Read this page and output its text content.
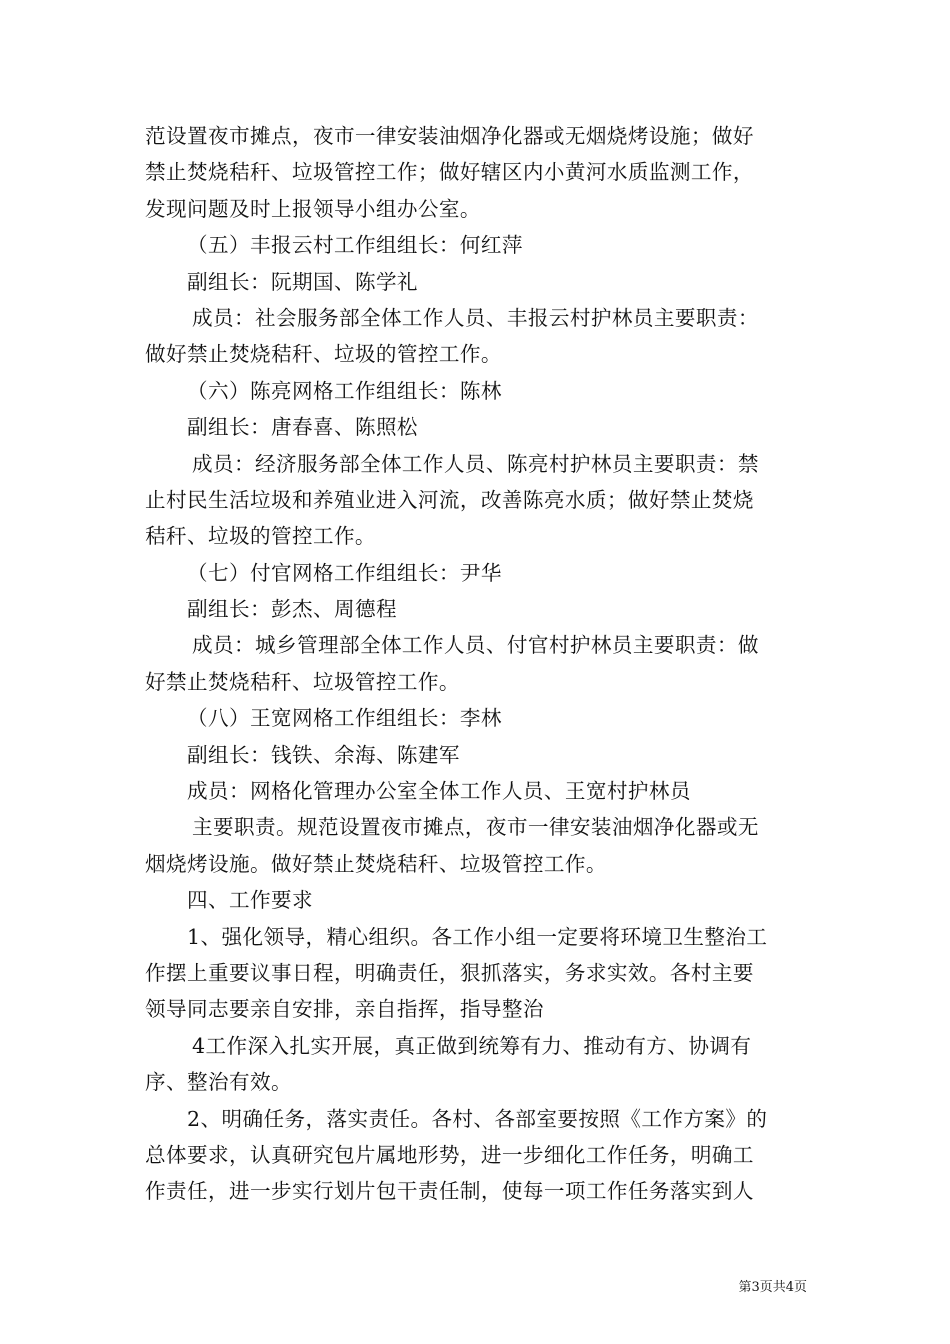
范设置夜市摊点，夜市一律安装油烟净化器或无烟烧烤设施；做好
禁止焚烧秸秆、垃圾管控工作；做好辖区内小黄河水质监测工作，
发现问题及时上报领导小组办公室。
（五）丰报云村工作组组长：何红萍
副组长：阮期国、陈学礼
成员：社会服务部全体工作人员、丰报云村护林员主要职责：
做好禁止焚烧秸秆、垃圾的管控工作。
（六）陈亮网格工作组组长：陈林
副组长：唐春喜、陈照松
成员：经济服务部全体工作人员、陈亮村护林员主要职责：禁
止村民生活垃圾和养殖业进入河流，改善陈亮水质；做好禁止焚烧
秸秆、垃圾的管控工作。
（七）付官网格工作组组长：尹华
副组长：彭杰、周德程
成员：城乡管理部全体工作人员、付官村护林员主要职责：做
好禁止焚烧秸秆、垃圾管控工作。
（八）王宽网格工作组组长：李林
副组长：钱铁、余海、陈建军
成员：网格化管理办公室全体工作人员、王宽村护林员
主要职责。规范设置夜市摊点，夜市一律安装油烟净化器或无
烟烧烤设施。做好禁止焚烧秸秆、垃圾管控工作。
四、工作要求
1、强化领导，精心组织。各工作小组一定要将环境卫生整治工
作摆上重要议事日程，明确责任，狠抓落实，务求实效。各村主要
领导同志要亲自安排，亲自指挥，指导整治
4工作深入扎实开展，真正做到统筹有力、推动有方、协调有
序、整治有效。
2、明确任务，落实责任。各村、各部室要按照《工作方案》的
总体要求，认真研究包片属地形势，进一步细化工作任务，明确工
作责任，进一步实行划片包干责任制，使每一项工作任务落实到人
第3页共4页
